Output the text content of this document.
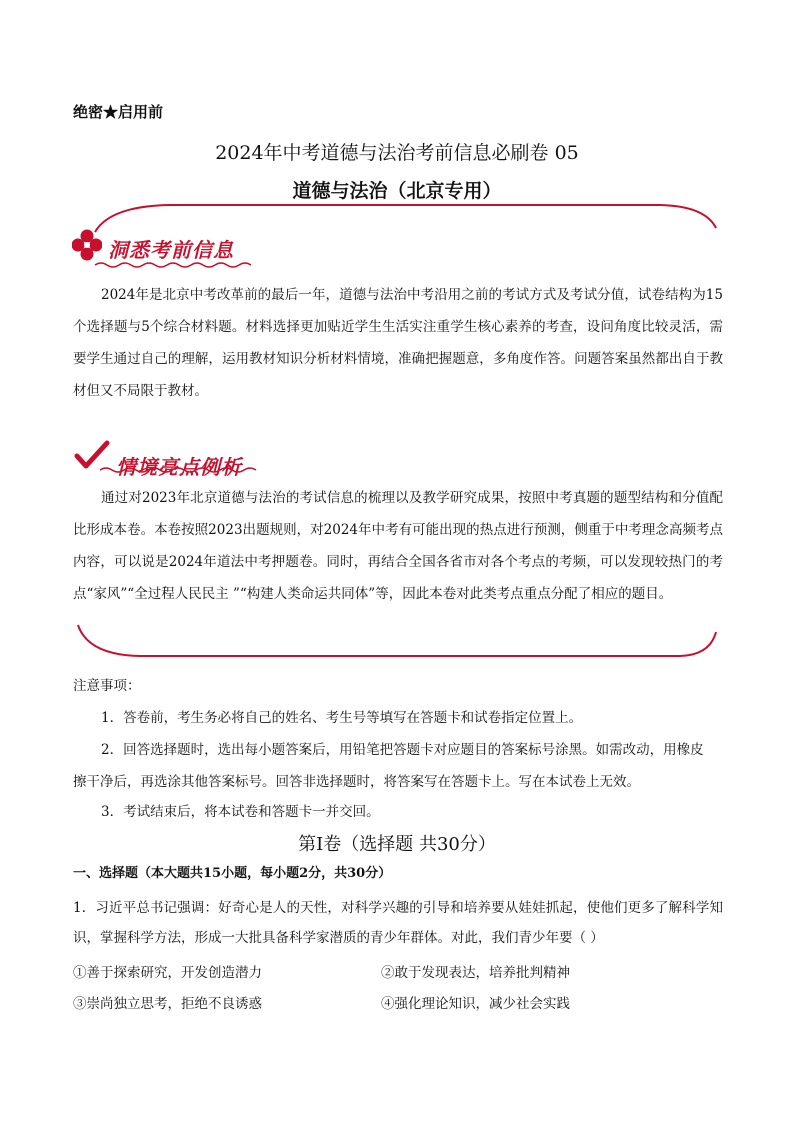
绝密★启用前
2024年中考道德与法治考前信息必刷卷 05
道德与法治（北京专用）
洞悉考前信息

2024年是北京中考改革前的最后一年，道德与法治中考沿用之前的考试方式及考试分值，试卷结构为15个选择题与5个综合材料题。材料选择更加贴近学生生活实注重学生核心素养的考查，设问角度比较灵活，需要学生通过自己的理解，运用教材知识分析材料情境，准确把握题意，多角度作答。问题答案虽然都出自于教材但又不局限于教材。

情境亮点例析

通过对2023年北京道德与法治的考试信息的梳理以及教学研究成果，按照中考真题的题型结构和分值配比形成本卷。本卷按照2023出题规则，对2024年中考有可能出现的热点进行预测，侧重于中考理念高频考点内容，可以说是2024年道法中考押题卷。同时，再结合全国各省市对各个考点的考频，可以发现较热门的考点“家风”“全过程人民民主 ”“构建人类命运共同体”等，因此本卷对此类考点重点分配了相应的题目。

注意事项：
1．答卷前，考生务必将自己的姓名、考生号等填写在答题卡和试卷指定位置上。
2．回答选择题时，选出每小题答案后，用铅笔把答题卡对应题目的答案标号涂黑。如需改动，用橡皮
擦干净后，再选涂其他答案标号。回答非选择题时，将答案写在答题卡上。写在本试卷上无效。
3．考试结束后，将本试卷和答题卡一并交回。
第Ⅰ卷（选择题 共30分）
一、选择题（本大题共15小题，每小题2分，共30分）
1．习近平总书记强调：好奇心是人的天性，对科学兴趣的引导和培养要从娃娃抓起，使他们更多了解科学知识，掌握科学方法，形成一大批具备科学家潜质的青少年群体。对此，我们青少年要（ ）
①善于探索研究，开发创造潜力	②敢于发现表达，培养批判精神
③崇尚独立思考，拒绝不良诱惑	④强化理论知识，减少社会实践
